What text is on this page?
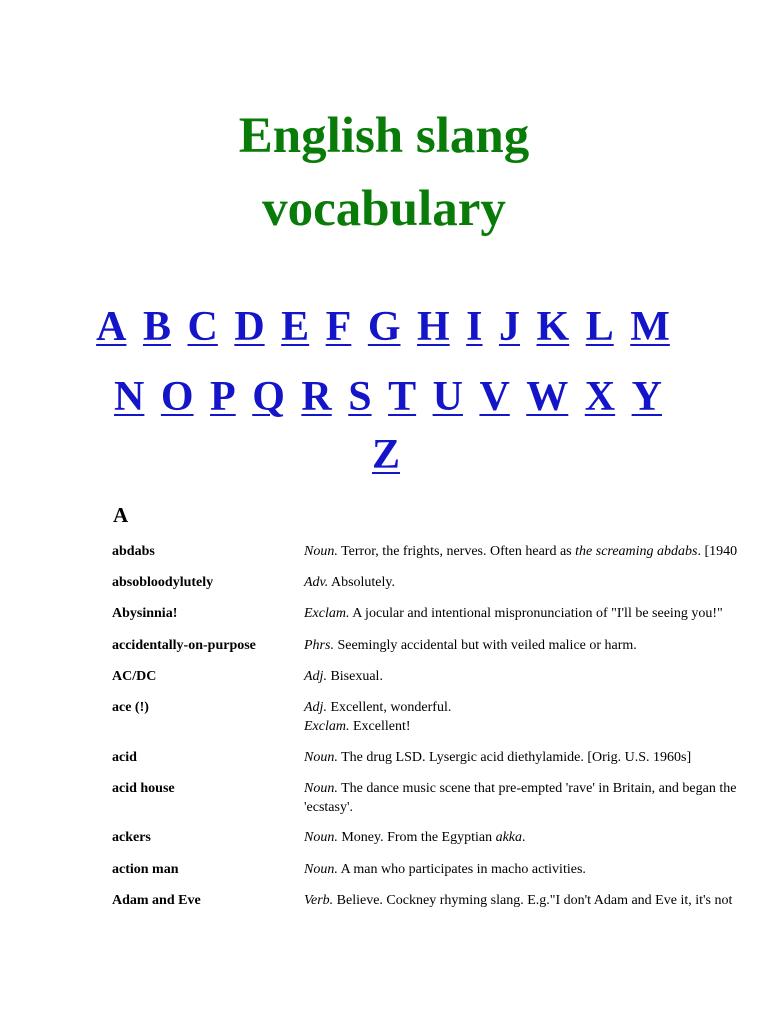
English slang
vocabulary
A B C D E F G H I J K L M
N O P Q R S T U V W X Y
Z
A
abdabs	Noun. Terror, the frights, nerves. Often heard as the screaming abdabs. [1940
absobloodylutely	Adv. Absolutely.
Abysinnia!	Exclam. A jocular and intentional mispronunciation of "I'll be seeing you!"
accidentally-on-purpose	Phrs. Seemingly accidental but with veiled malice or harm.
AC/DC	Adj. Bisexual.
ace (!)	Adj. Excellent, wonderful.
Exclam. Excellent!
acid	Noun. The drug LSD. Lysergic acid diethylamide. [Orig. U.S. 1960s]
acid house	Noun. The dance music scene that pre-empted 'rave' in Britain, and began the
'ecstasy'.
ackers	Noun. Money. From the Egyptian akka.
action man	Noun. A man who participates in macho activities.
Adam and Eve	Verb. Believe. Cockney rhyming slang. E.g."I don't Adam and Eve it, it's not
